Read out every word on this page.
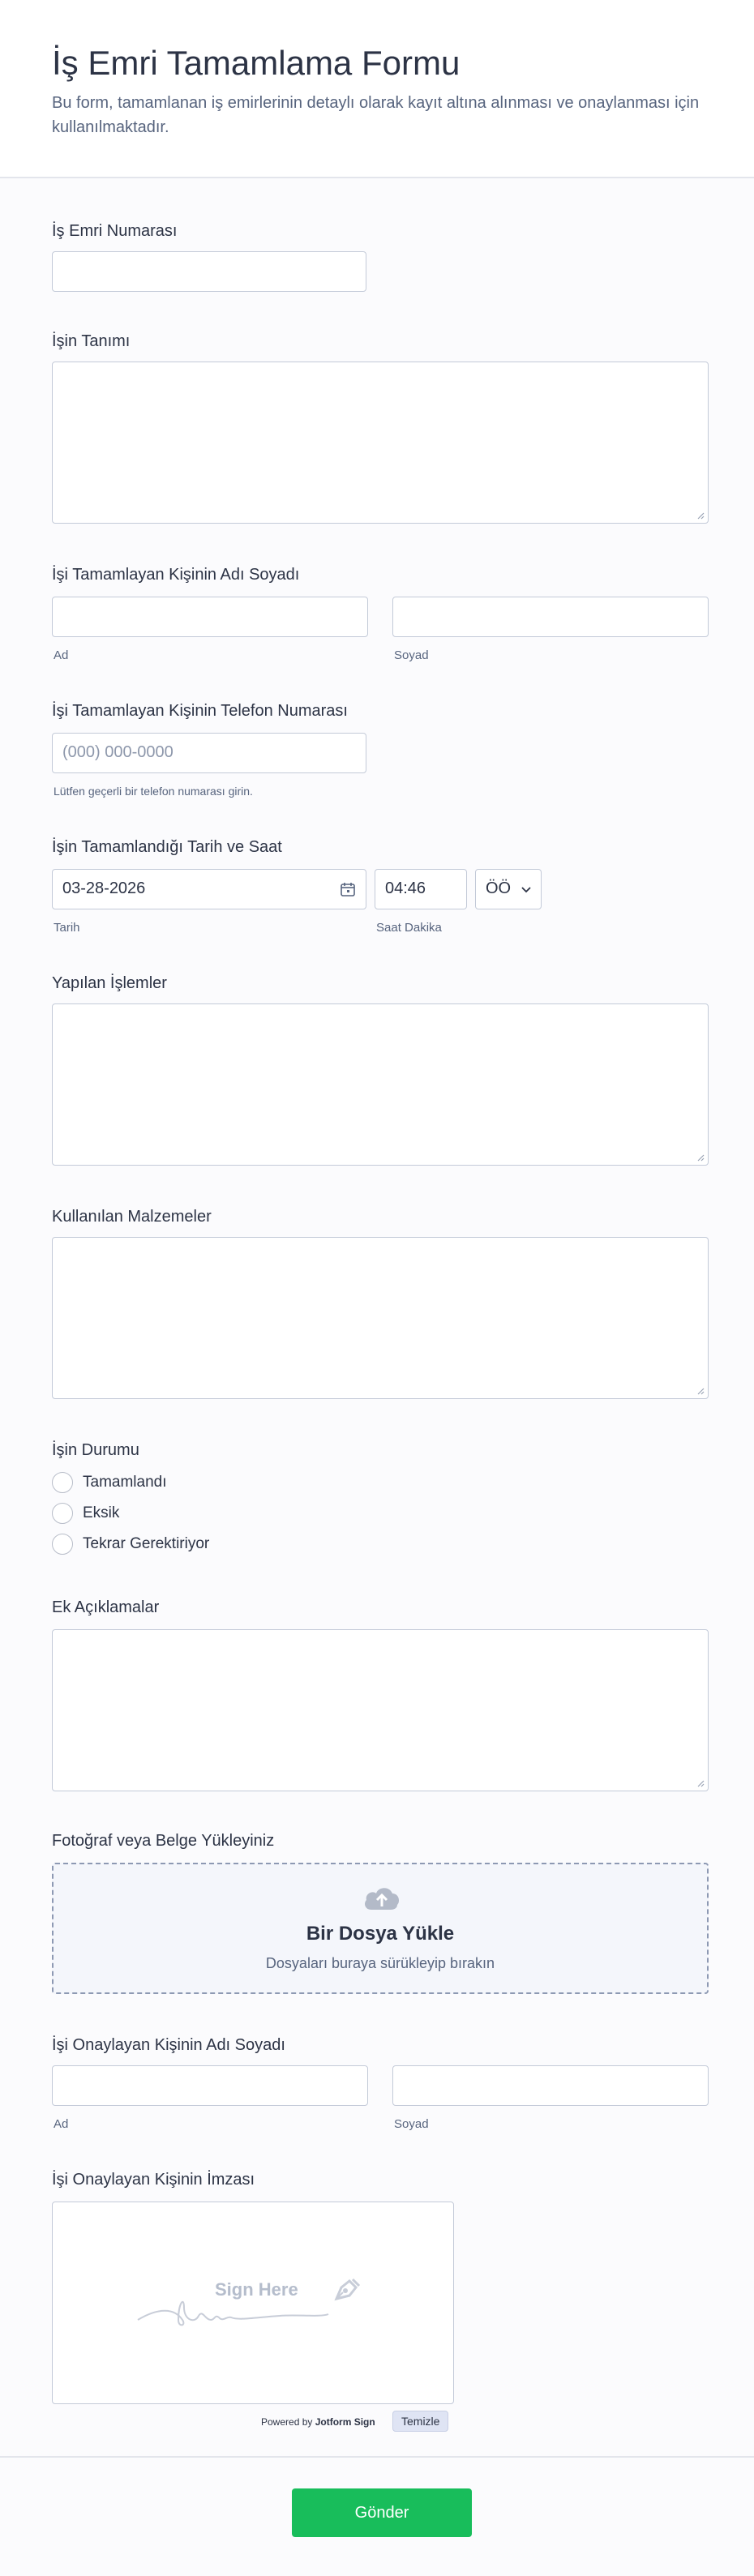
İş Emri Tamamlama Formu

Bu form, tamamlanan iş emirlerinin detaylı olarak kayıt altına alınması ve onaylanması için kullanılmaktadır.

İş Emri Numarası
İşin Tanımı
İşi Tamamlayan Kişinin Adı Soyadı
Ad	Soyad
İşi Tamamlayan Kişinin Telefon Numarası
(000) 000-0000
Lütfen geçerli bir telefon numarası girin.
İşin Tamamlandığı Tarih ve Saat
03-28-2026	04:46	ÖÖ
Tarih	Saat Dakika
Yapılan İşlemler
Kullanılan Malzemeler
İşin Durumu
Tamamlandı
Eksik
Tekrar Gerektiriyor
Ek Açıklamalar
Fotoğraf veya Belge Yükleyiniz
Bir Dosya Yükle
Dosyaları buraya sürükleyip bırakın
İşi Onaylayan Kişinin Adı Soyadı
Ad	Soyad
İşi Onaylayan Kişinin İmzası
Sign Here
Powered by Jotform Sign	Temizle
Gönder
